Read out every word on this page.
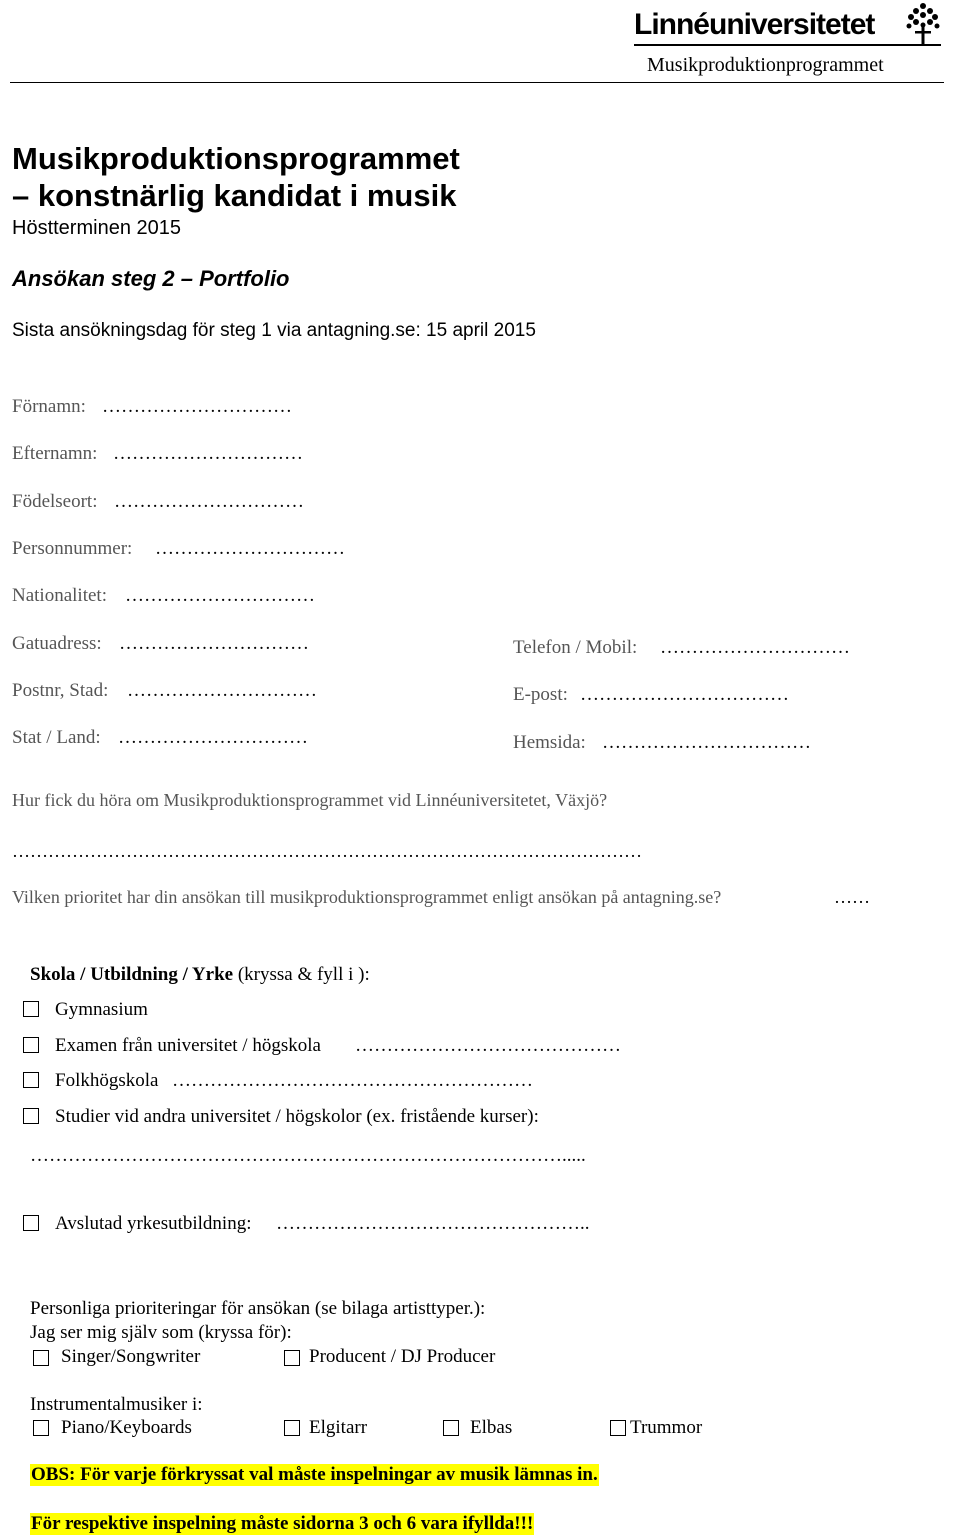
Linnéuniversitetet
Musikproduktionprogrammet
Musikproduktionsprogrammet
– konstnärlig kandidat i musik
Höstterminen 2015
Ansökan steg 2 – Portfolio
Sista ansökningsdag för steg 1 via antagning.se: 15 april 2015
Förnamn: …………………………
Efternamn: …………………………
Födelseort: …………………………
Personnummer: …………………………
Nationalitet: …………………………
Gatuadress: …………………………
Postnr, Stad: …………………………
Stat / Land: …………………………
Telefon / Mobil: …………………………
E-post: ……………………………
Hemsida: ……………………………
Hur fick du höra om Musikproduktionsprogrammet vid Linnéuniversitetet, Växjö?
……………………………………………………………………………………………
Vilken prioritet har din ansökan till musikproduktionsprogrammet enligt ansökan på antagning.se?	……
Skola / Utbildning / Yrke (kryssa & fyll i ):
Gymnasium
Examen från universitet / högskola ……………………………………
Folkhögskola …………………………………………………
Studier vid andra universitet / högskolor (ex. fristående kurser):
………………………………………………………………………….....
Avslutad yrkesutbildning: …………………………………………..
Personliga prioriteringar för ansökan (se bilaga artisttyper.):
Jag ser mig själv som (kryssa för):
Singer/Songwriter	Producent / DJ Producer
Instrumentalmusiker i:
Piano/Keyboards	Elgitarr	Elbas	Trummor
OBS: För varje förkryssat val måste inspelningar av musik lämnas in.
För respektive inspelning måste sidorna 3 och 6 vara ifyllda!!!
